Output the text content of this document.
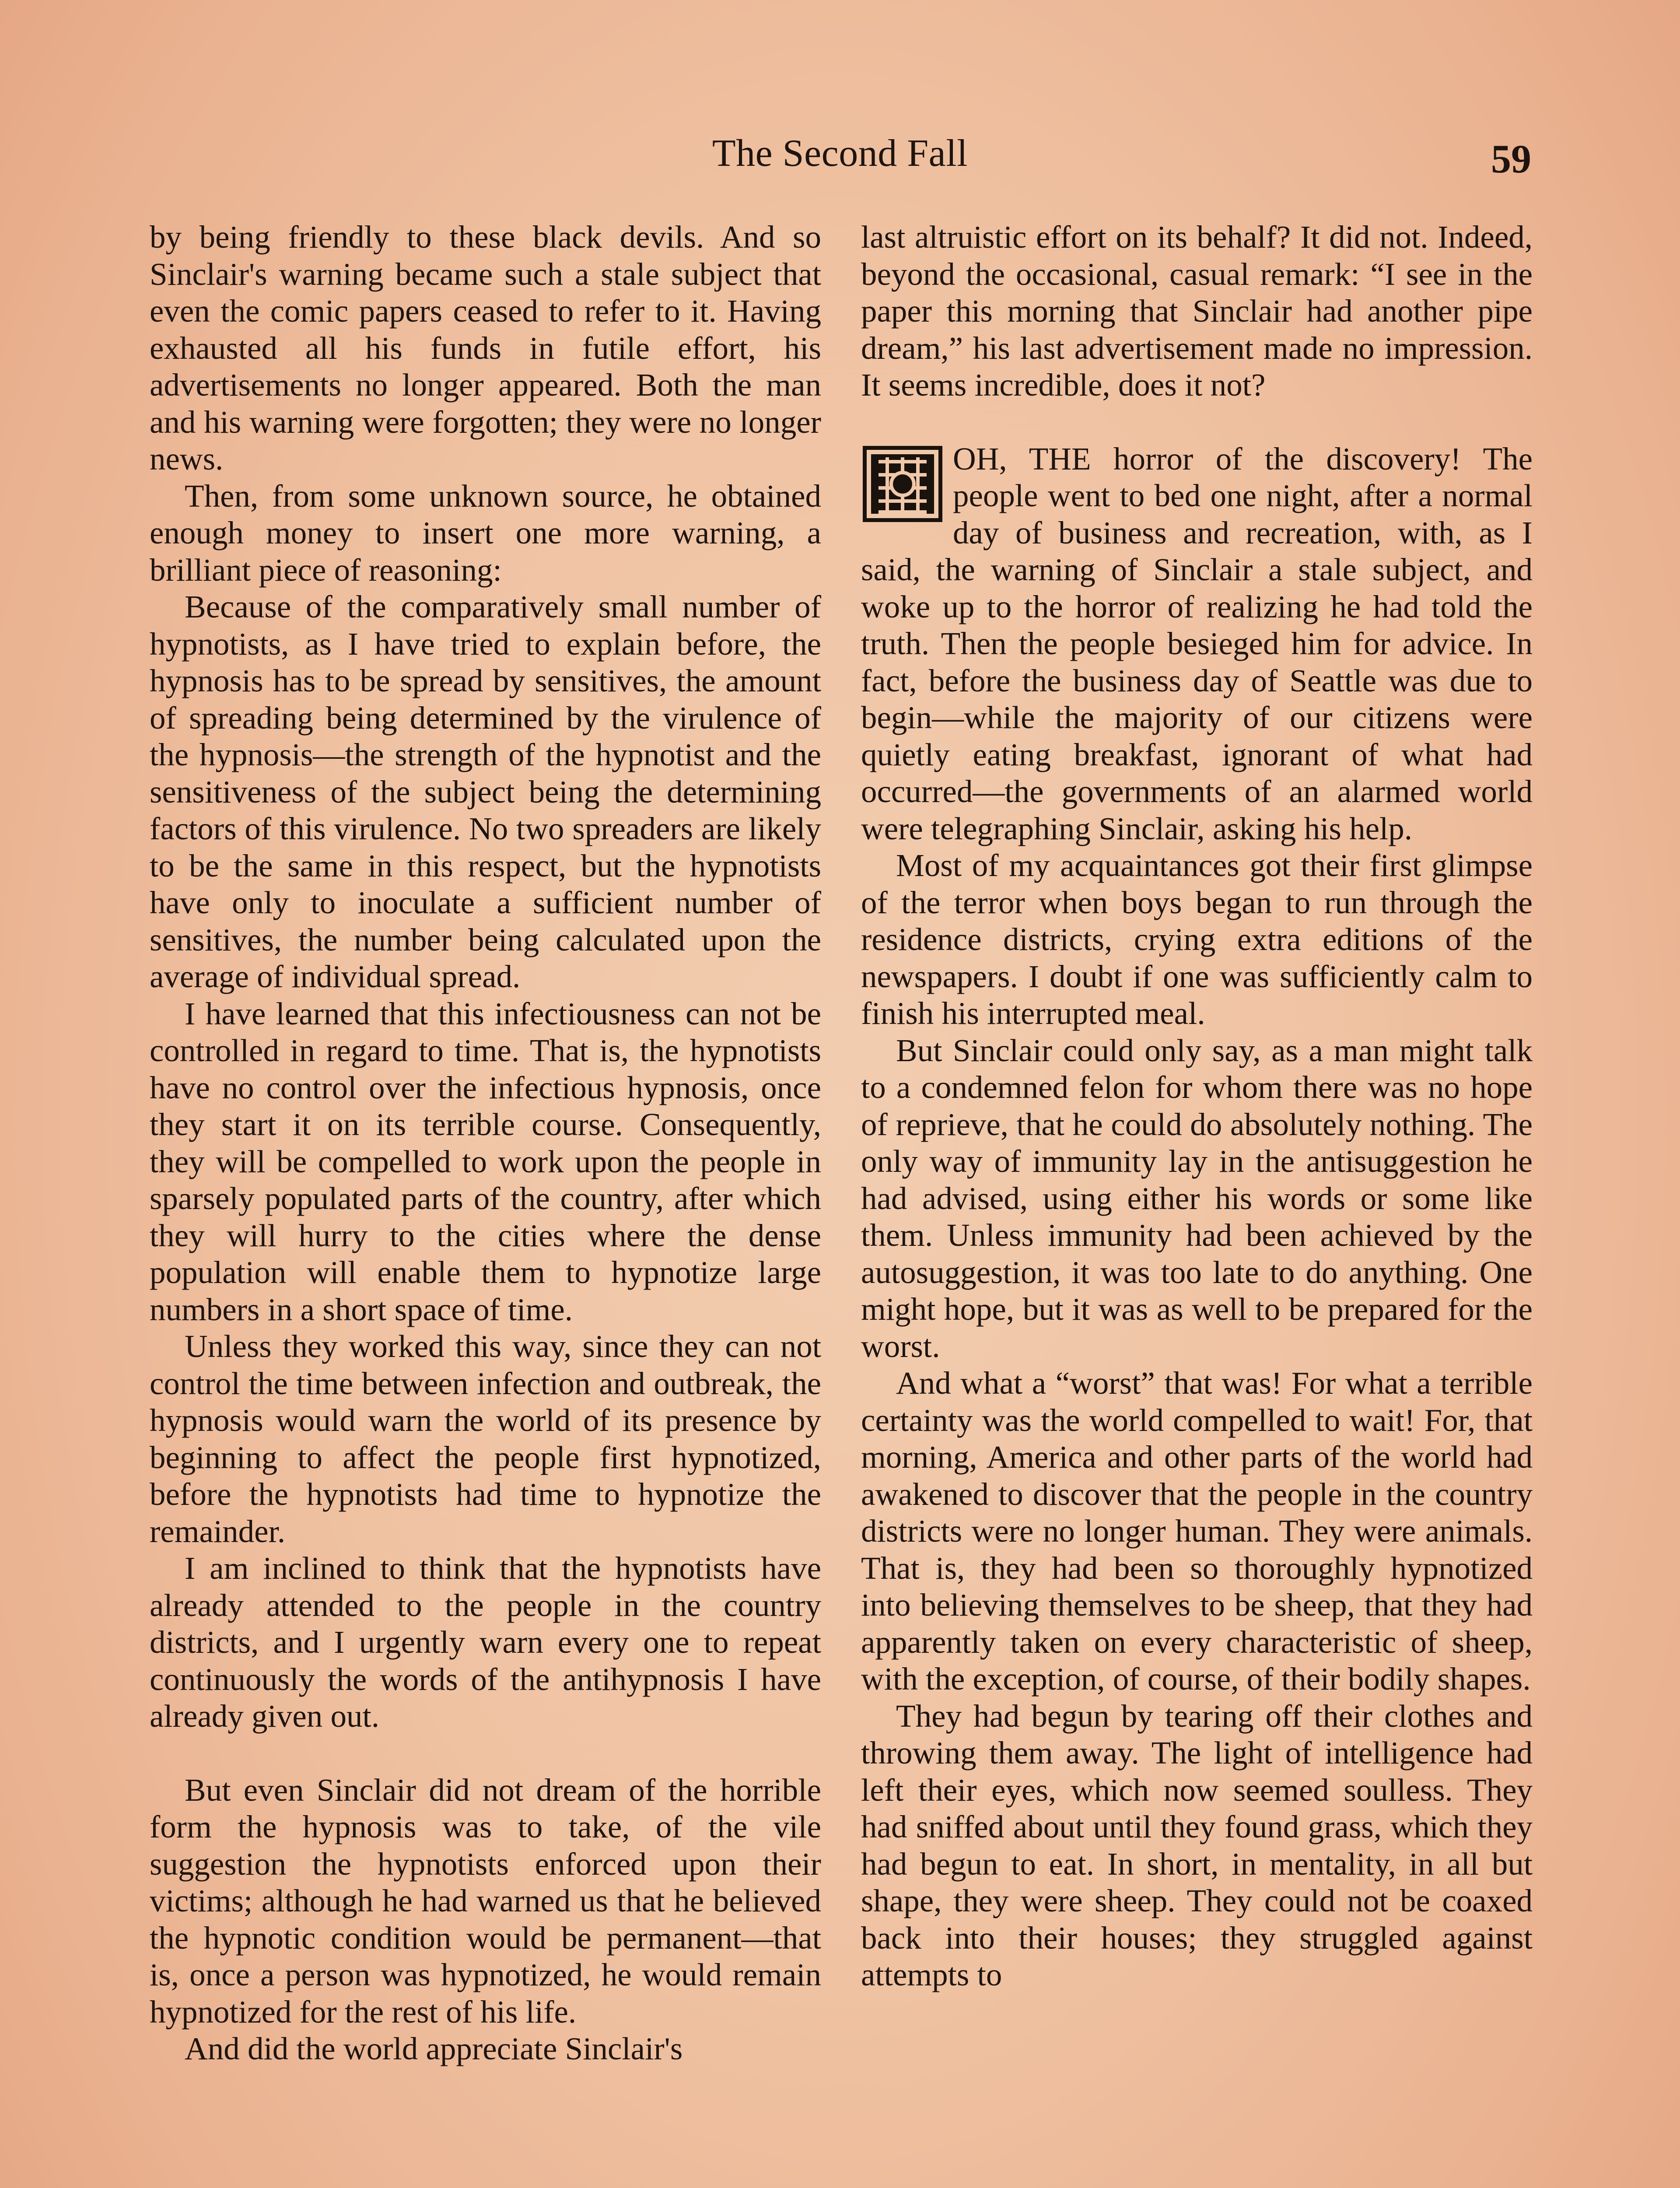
The Second Fall	59

by being friendly to these black devils. And so Sinclair's warning became such a stale subject that even the comic papers ceased to refer to it. Having exhausted all his funds in futile effort, his advertisements no longer appeared. Both the man and his warning were forgotten; they were no longer news.

Then, from some unknown source, he obtained enough money to insert one more warning, a brilliant piece of reasoning:

Because of the comparatively small number of hypnotists, as I have tried to explain before, the hypnosis has to be spread by sensitives, the amount of spreading being determined by the virulence of the hypnosis—the strength of the hypnotist and the sensitiveness of the subject being the determining factors of this virulence. No two spreaders are likely to be the same in this respect, but the hypnotists have only to inoculate a sufficient number of sensitives, the number being calculated upon the average of individual spread.

I have learned that this infectiousness can not be controlled in regard to time. That is, the hypnotists have no control over the infectious hypnosis, once they start it on its terrible course. Consequently, they will be compelled to work upon the people in sparsely populated parts of the country, after which they will hurry to the cities where the dense population will enable them to hypnotize large numbers in a short space of time.

Unless they worked this way, since they can not control the time between infection and outbreak, the hypnosis would warn the world of its presence by beginning to affect the people first hypnotized, before the hypnotists had time to hypnotize the remainder.

I am inclined to think that the hypnotists have already attended to the people in the country districts, and I urgently warn every one to repeat continuously the words of the antihypnosis I have already given out.

But even Sinclair did not dream of the horrible form the hypnosis was to take, of the vile suggestion the hypnotists enforced upon their victims; although he had warned us that he believed the hypnotic condition would be permanent—that is, once a person was hypnotized, he would remain hypnotized for the rest of his life.

And did the world appreciate Sinclair's

last altruistic effort on its behalf? It did not. Indeed, beyond the occasional, casual remark: “I see in the paper this morning that Sinclair had another pipe dream,” his last advertisement made no impression. It seems incredible, does it not?

OH, THE horror of the discovery! The people went to bed one night, after a normal day of business and recreation, with, as I said, the warning of Sinclair a stale subject, and woke up to the horror of realizing he had told the truth. Then the people besieged him for advice. In fact, before the business day of Seattle was due to begin—while the majority of our citizens were quietly eating breakfast, ignorant of what had occurred—the governments of an alarmed world were telegraphing Sinclair, asking his help.

Most of my acquaintances got their first glimpse of the terror when boys began to run through the residence districts, crying extra editions of the newspapers. I doubt if one was sufficiently calm to finish his interrupted meal.

But Sinclair could only say, as a man might talk to a condemned felon for whom there was no hope of reprieve, that he could do absolutely nothing. The only way of immunity lay in the antisuggestion he had advised, using either his words or some like them. Unless immunity had been achieved by the autosuggestion, it was too late to do anything. One might hope, but it was as well to be prepared for the worst.

And what a “worst” that was! For what a terrible certainty was the world compelled to wait! For, that morning, America and other parts of the world had awakened to discover that the people in the country districts were no longer human. They were animals. That is, they had been so thoroughly hypnotized into believing themselves to be sheep, that they had apparently taken on every characteristic of sheep, with the exception, of course, of their bodily shapes.

They had begun by tearing off their clothes and throwing them away. The light of intelligence had left their eyes, which now seemed soulless. They had sniffed about until they found grass, which they had begun to eat. In short, in mentality, in all but shape, they were sheep. They could not be coaxed back into their houses; they struggled against attempts to
